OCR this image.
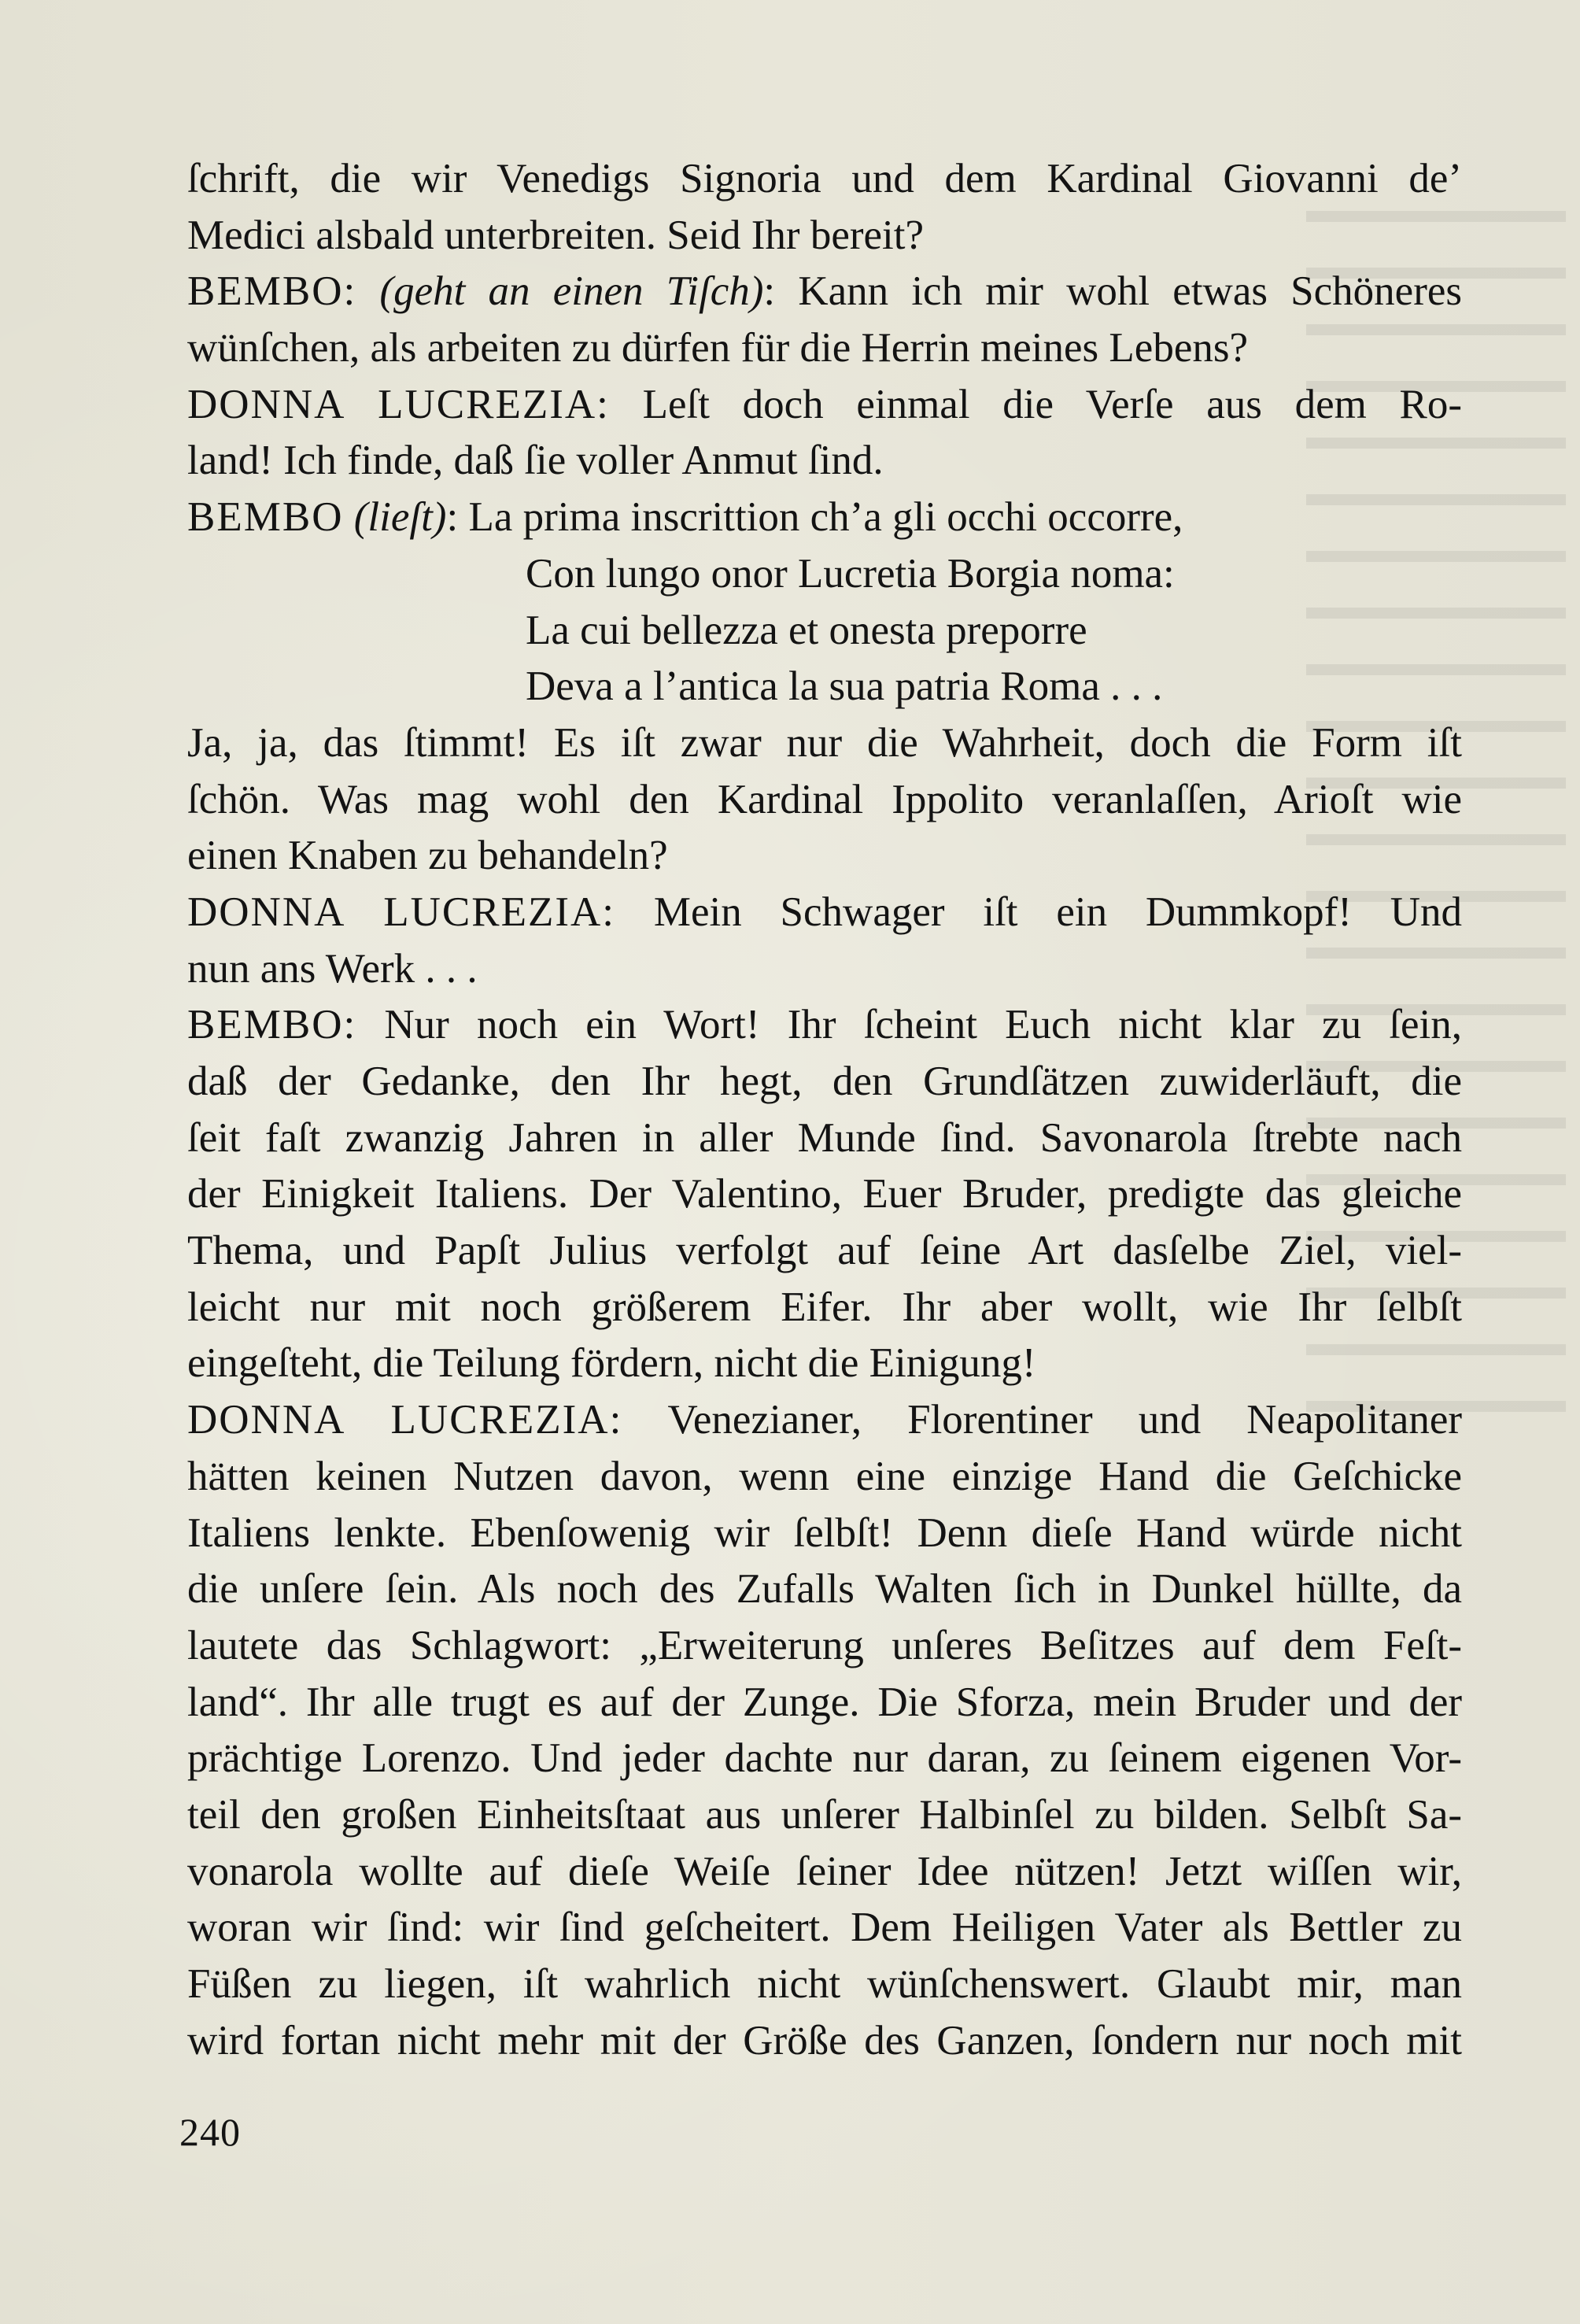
ſchrift, die wir Venedigs Signoria und dem Kardinal Giovanni de’
Medici alsbald unterbreiten. Seid Ihr bereit?
BEMBO: (geht an einen Tiſch): Kann ich mir wohl etwas Schöneres
wünſchen, als arbeiten zu dürfen für die Herrin meines Lebens?
DONNA LUCREZIA: Leſt doch einmal die Verſe aus dem Ro-
land! Ich finde, daß ſie voller Anmut ſind.
BEMBO (lieſt): La prima inscrittion ch’a gli occhi occorre,
Con lungo onor Lucretia Borgia noma:
La cui bellezza et onesta preporre
Deva a l’antica la sua patria Roma . . .
Ja, ja, das ſtimmt! Es iſt zwar nur die Wahrheit, doch die Form iſt
ſchön. Was mag wohl den Kardinal Ippolito veranlaſſen, Arioſt wie
einen Knaben zu behandeln?
DONNA LUCREZIA: Mein Schwager iſt ein Dummkopf! Und
nun ans Werk . . .
BEMBO: Nur noch ein Wort! Ihr ſcheint Euch nicht klar zu ſein,
daß der Gedanke, den Ihr hegt, den Grundſätzen zuwiderläuft, die
ſeit faſt zwanzig Jahren in aller Munde ſind. Savonarola ſtrebte nach
der Einigkeit Italiens. Der Valentino, Euer Bruder, predigte das gleiche
Thema, und Papſt Julius verfolgt auf ſeine Art dasſelbe Ziel, viel-
leicht nur mit noch größerem Eifer. Ihr aber wollt, wie Ihr ſelbſt
eingeſteht, die Teilung fördern, nicht die Einigung!
DONNA LUCREZIA: Venezianer, Florentiner und Neapolitaner
hätten keinen Nutzen davon, wenn eine einzige Hand die Geſchicke
Italiens lenkte. Ebenſowenig wir ſelbſt! Denn dieſe Hand würde nicht
die unſere ſein. Als noch des Zufalls Walten ſich in Dunkel hüllte, da
lautete das Schlagwort: „Erweiterung unſeres Beſitzes auf dem Feſt-
land“. Ihr alle trugt es auf der Zunge. Die Sforza, mein Bruder und der
prächtige Lorenzo. Und jeder dachte nur daran, zu ſeinem eigenen Vor-
teil den großen Einheitsſtaat aus unſerer Halbinſel zu bilden. Selbſt Sa-
vonarola wollte auf dieſe Weiſe ſeiner Idee nützen! Jetzt wiſſen wir,
woran wir ſind: wir ſind geſcheitert. Dem Heiligen Vater als Bettler zu
Füßen zu liegen, iſt wahrlich nicht wünſchenswert. Glaubt mir, man
wird fortan nicht mehr mit der Größe des Ganzen, ſondern nur noch mit
240
